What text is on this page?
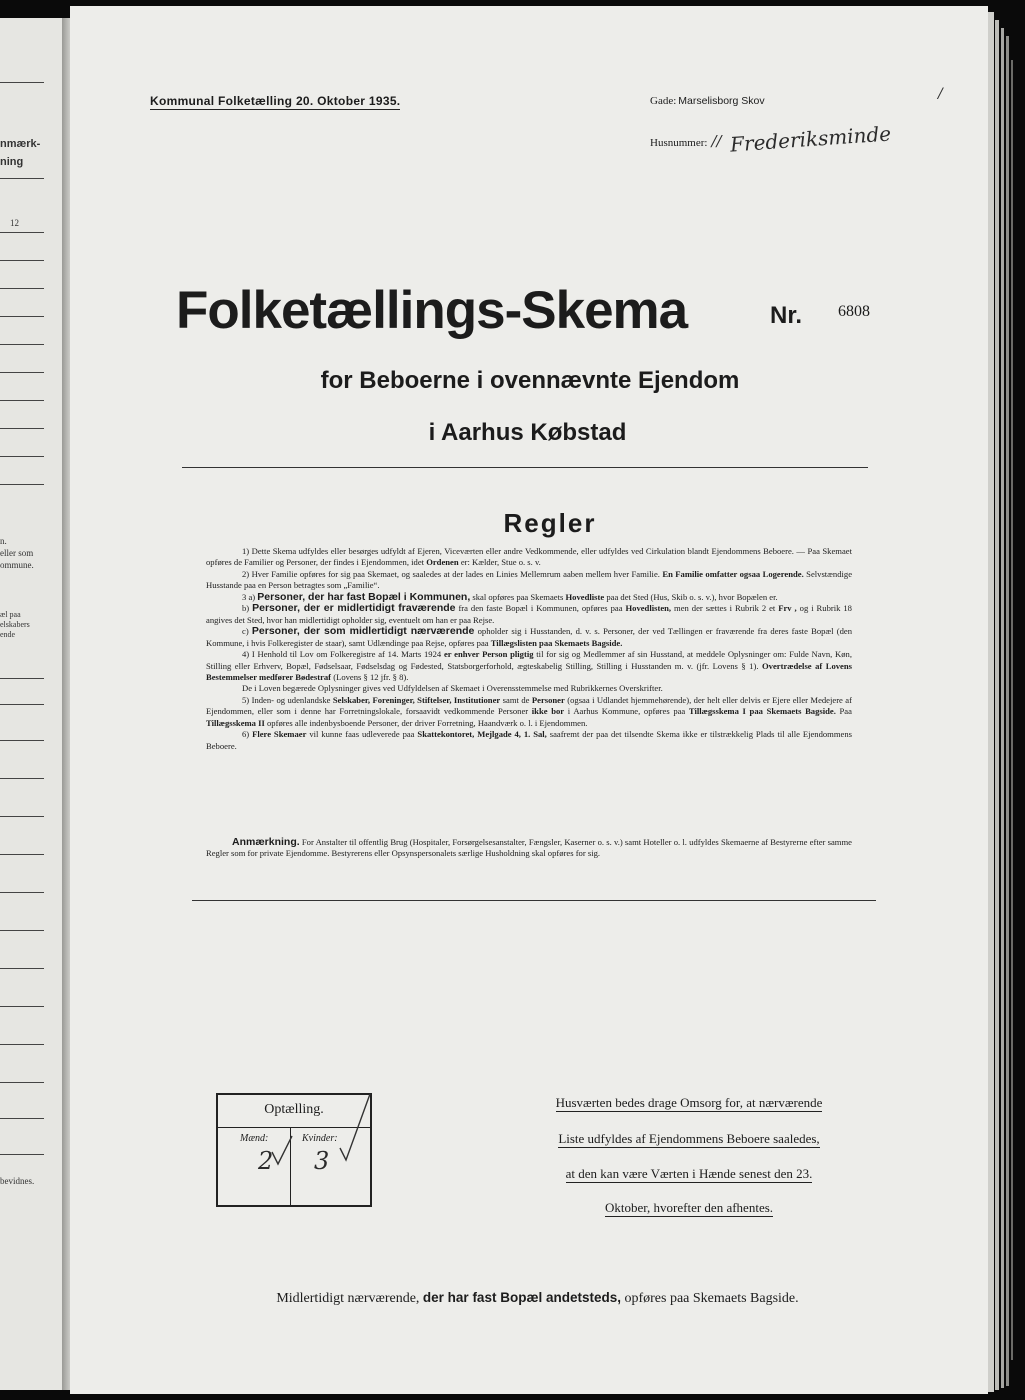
nmærk-
ning
12
n.
eller som
ommune.
æl paa
elskabers
ende
bevidnes.
Kommunal Folketælling 20. Oktober 1935.	Gade: Marselisborg Skov	/
Husnummer: // Frederiksminde
Folketællings-Skema	Nr. 6808
for Beboerne i ovennævnte Ejendom
i Aarhus Købstad
Regler

1) Dette Skema udfyldes eller besørges udfyldt af Ejeren, Viceværten eller andre Vedkommende, eller udfyldes ved Cirkulation blandt Ejendommens Beboere. — Paa Skemaet opføres de Familier og Personer, der findes i Ejendommen, idet Ordenen er: Kælder, Stue o. s. v.

2) Hver Familie opføres for sig paa Skemaet, og saaledes at der lades en Linies Mellemrum aaben mellem hver Familie. En Familie omfatter ogsaa Logerende. Selvstændige Husstande paa en Person betragtes som „Familie“.

3 a) Personer, der har fast Bopæl i Kommunen, skal opføres paa Skemaets Hovedliste paa det Sted (Hus, Skib o. s. v.), hvor Bopælen er.

b) Personer, der er midlertidigt fraværende fra den faste Bopæl i Kommunen, opføres paa Hovedlisten, men der sættes i Rubrik 2 et Frv , og i Rubrik 18 angives det Sted, hvor han midlertidigt opholder sig, eventuelt om han er paa Rejse.

c) Personer, der som midlertidigt nærværende opholder sig i Husstanden, d. v. s. Personer, der ved Tællingen er fraværende fra deres faste Bopæl (den Kommune, i hvis Folkeregister de staar), samt Udlændinge paa Rejse, opføres paa Tillægslisten paa Skemaets Bagside.

4) I Henhold til Lov om Folkeregistre af 14. Marts 1924 er enhver Person pligtig til for sig og Medlemmer af sin Husstand, at meddele Oplysninger om: Fulde Navn, Køn, Stilling eller Erhverv, Bopæl, Fødselsaar, Fødselsdag og Fødested, Statsborgerforhold, ægteskabelig Stilling, Stilling i Husstanden m. v. (jfr. Lovens § 1). Overtrædelse af Lovens Bestemmelser medfører Bødestraf (Lovens § 12 jfr. § 8).

De i Loven begærede Oplysninger gives ved Udfyldelsen af Skemaet i Overensstemmelse med Rubrikkernes Overskrifter.

5) Inden- og udenlandske Selskaber, Foreninger, Stiftelser, Institutioner samt de Personer (ogsaa i Udlandet hjemmehørende), der helt eller delvis er Ejere eller Medejere af Ejendommen, eller som i denne har Forretningslokale, forsaavidt vedkommende Personer ikke bor i Aarhus Kommune, opføres paa Tillægsskema I paa Skemaets Bagside. Paa Tillægsskema II opføres alle indenbysboende Personer, der driver Forretning, Haandværk o. l. i Ejendommen.

6) Flere Skemaer vil kunne faas udleverede paa Skattekontoret, Mejlgade 4, 1. Sal, saafremt der paa det tilsendte Skema ikke er tilstrækkelig Plads til alle Ejendommens Beboere.

Anmærkning. For Anstalter til offentlig Brug (Hospitaler, Forsørgelsesanstalter, Fængsler, Kaserner o. s. v.) samt Hoteller o. l. udfyldes Skemaerne af Bestyrerne efter samme Regler som for private Ejendomme. Bestyrerens eller Opsynspersonalets særlige Husholdning skal opføres for sig.

Optælling.
Mænd:	Kvinder:
2 3
Husværten bedes drage Omsorg for, at nærværende
Liste udfyldes af Ejendommens Beboere saaledes,
at den kan være Værten i Hænde senest den 23.
Oktober, hvorefter den afhentes.
Midlertidigt nærværende, der har fast Bopæl andetsteds, opføres paa Skemaets Bagside.
